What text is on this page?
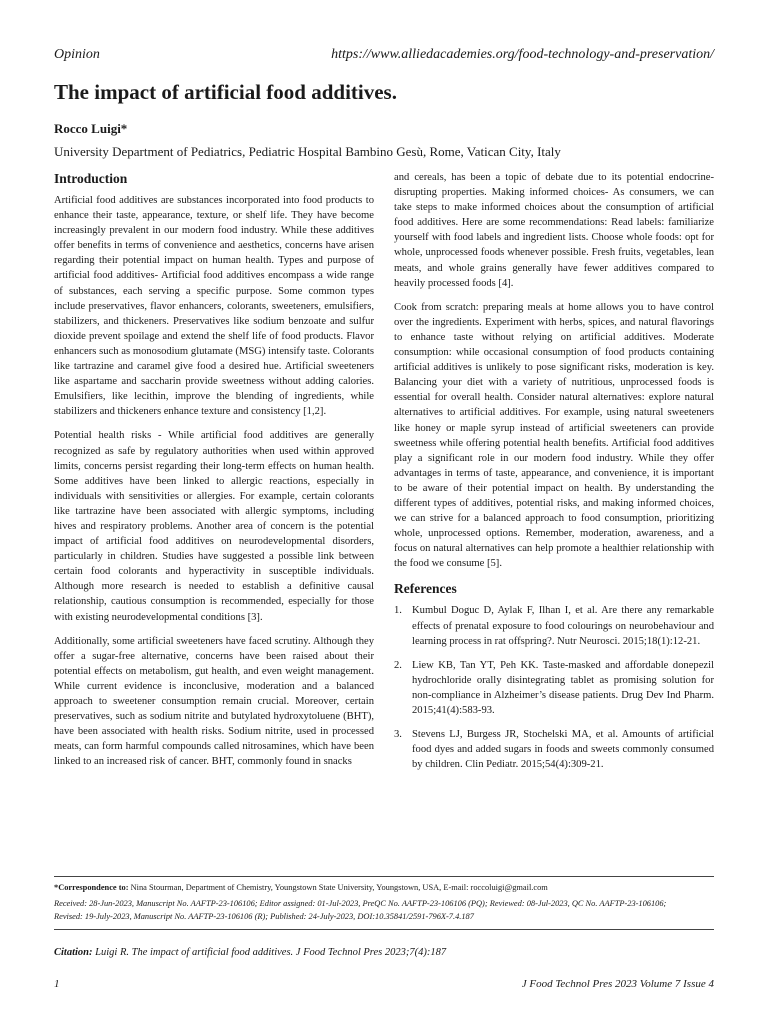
Opinion	https://www.alliedacademies.org/food-technology-and-preservation/
The impact of artificial food additives.
Rocco Luigi*
University Department of Pediatrics, Pediatric Hospital Bambino Gesù, Rome, Vatican City, Italy
Introduction

Artificial food additives are substances incorporated into food products to enhance their taste, appearance, texture, or shelf life. They have become increasingly prevalent in our modern food industry. While these additives offer benefits in terms of convenience and aesthetics, concerns have arisen regarding their potential impact on human health. Types and purpose of artificial food additives- Artificial food additives encompass a wide range of substances, each serving a specific purpose. Some common types include preservatives, flavor enhancers, colorants, sweeteners, emulsifiers, stabilizers, and thickeners. Preservatives like sodium benzoate and sulfur dioxide prevent spoilage and extend the shelf life of food products. Flavor enhancers such as monosodium glutamate (MSG) intensify taste. Colorants like tartrazine and caramel give food a desired hue. Artificial sweeteners like aspartame and saccharin provide sweetness without adding calories. Emulsifiers, like lecithin, improve the blending of ingredients, while stabilizers and thickeners enhance texture and consistency [1,2].

Potential health risks - While artificial food additives are generally recognized as safe by regulatory authorities when used within approved limits, concerns persist regarding their long-term effects on human health. Some additives have been linked to allergic reactions, especially in individuals with sensitivities or allergies. For example, certain colorants like tartrazine have been associated with allergic symptoms, including hives and respiratory problems. Another area of concern is the potential impact of artificial food additives on neurodevelopmental disorders, particularly in children. Studies have suggested a possible link between certain food colorants and hyperactivity in susceptible individuals. Although more research is needed to establish a definitive causal relationship, cautious consumption is recommended, especially for those with existing neurodevelopmental conditions [3].

Additionally, some artificial sweeteners have faced scrutiny. Although they offer a sugar-free alternative, concerns have been raised about their potential effects on metabolism, gut health, and even weight management. While current evidence is inconclusive, moderation and a balanced approach to sweetener consumption remain crucial. Moreover, certain preservatives, such as sodium nitrite and butylated hydroxytoluene (BHT), have been associated with health risks. Sodium nitrite, used in processed meats, can form harmful compounds called nitrosamines, which have been linked to an increased risk of cancer. BHT, commonly found in snacks

and cereals, has been a topic of debate due to its potential endocrine-disrupting properties. Making informed choices- As consumers, we can take steps to make informed choices about the consumption of artificial food additives. Here are some recommendations: Read labels: familiarize yourself with food labels and ingredient lists. Choose whole foods: opt for whole, unprocessed foods whenever possible. Fresh fruits, vegetables, lean meats, and whole grains generally have fewer additives compared to heavily processed foods [4].

Cook from scratch: preparing meals at home allows you to have control over the ingredients. Experiment with herbs, spices, and natural flavorings to enhance taste without relying on artificial additives. Moderate consumption: while occasional consumption of food products containing artificial additives is unlikely to pose significant risks, moderation is key. Balancing your diet with a variety of nutritious, unprocessed foods is essential for overall health. Consider natural alternatives: explore natural alternatives to artificial additives. For example, using natural sweeteners like honey or maple syrup instead of artificial sweeteners can provide sweetness while offering potential health benefits. Artificial food additives play a significant role in our modern food industry. While they offer advantages in terms of taste, appearance, and convenience, it is important to be aware of their potential impact on health. By understanding the different types of additives, potential risks, and making informed choices, we can strive for a balanced approach to food consumption, prioritizing whole, unprocessed options. Remember, moderation, awareness, and a focus on natural alternatives can help promote a healthier relationship with the food we consume [5].

References
1. Kumbul Doguc D, Aylak F, Ilhan I, et al. Are there any remarkable effects of prenatal exposure to food colourings on neurobehaviour and learning process in rat offspring?. Nutr Neurosci. 2015;18(1):12-21.
2. Liew KB, Tan YT, Peh KK. Taste-masked and affordable donepezil hydrochloride orally disintegrating tablet as promising solution for non-compliance in Alzheimer’s disease patients. Drug Dev Ind Pharm. 2015;41(4):583-93.
3. Stevens LJ, Burgess JR, Stochelski MA, et al. Amounts of artificial food dyes and added sugars in foods and sweets commonly consumed by children. Clin Pediatr. 2015;54(4):309-21.
*Correspondence to: Nina Stourman, Department of Chemistry, Youngstown State University, Youngstown, USA, E-mail: roccoluigi@gmail.com
Received: 28-Jun-2023, Manuscript No. AAFTP-23-106106; Editor assigned: 01-Jul-2023, PreQC No. AAFTP-23-106106 (PQ); Reviewed: 08-Jul-2023, QC No. AAFTP-23-106106;
Revised: 19-July-2023, Manuscript No. AAFTP-23-106106 (R); Published: 24-July-2023, DOI:10.35841/2591-796X-7.4.187
Citation: Luigi R. The impact of artificial food additives. J Food Technol Pres 2023;7(4):187
1	J Food Technol Pres 2023 Volume 7 Issue 4
